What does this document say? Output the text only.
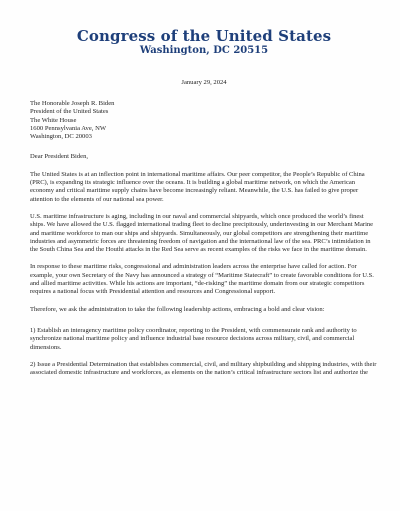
Congress of the United States
Washington, DC 20515
January 29, 2024
The Honorable Joseph R. Biden
President of the United States
The White House
1600 Pennsylvania Ave, NW
Washington, DC 20003
Dear President Biden,

The United States is at an inflection point in international maritime affairs. Our peer competitor, the People’s Republic of China (PRC), is expanding its strategic influence over the oceans. It is building a global maritime network, on which the American economy and critical maritime supply chains have become increasingly reliant. Meanwhile, the U.S. has failed to give proper attention to the elements of our national sea power.

U.S. maritime infrastructure is aging, including in our naval and commercial shipyards, which once produced the world’s finest ships. We have allowed the U.S. flagged international trading fleet to decline precipitously, underinvesting in our Merchant Marine and maritime workforce to man our ships and shipyards. Simultaneously, our global competitors are strengthening their maritime industries and asymmetric forces are threatening freedom of navigation and the international law of the sea. PRC’s intimidation in the South China Sea and the Houthi attacks in the Red Sea serve as recent examples of the risks we face in the maritime domain.

In response to these maritime risks, congressional and administration leaders across the enterprise have called for action. For example, your own Secretary of the Navy has announced a strategy of “Maritime Statecraft” to create favorable conditions for U.S. and allied maritime activities. While his actions are important, “de-risking” the maritime domain from our strategic competitors requires a national focus with Presidential attention and resources and Congressional support.

Therefore, we ask the administration to take the following leadership actions, embracing a bold and clear vision:

1) Establish an interagency maritime policy coordinator, reporting to the President, with commensurate rank and authority to synchronize national maritime policy and influence industrial base resource decisions across military, civil, and commercial dimensions.

2) Issue a Presidential Determination that establishes commercial, civil, and military shipbuilding and shipping industries, with their associated domestic infrastructure and workforces, as elements on the nation’s critical infrastructure sectors list and authorize the
